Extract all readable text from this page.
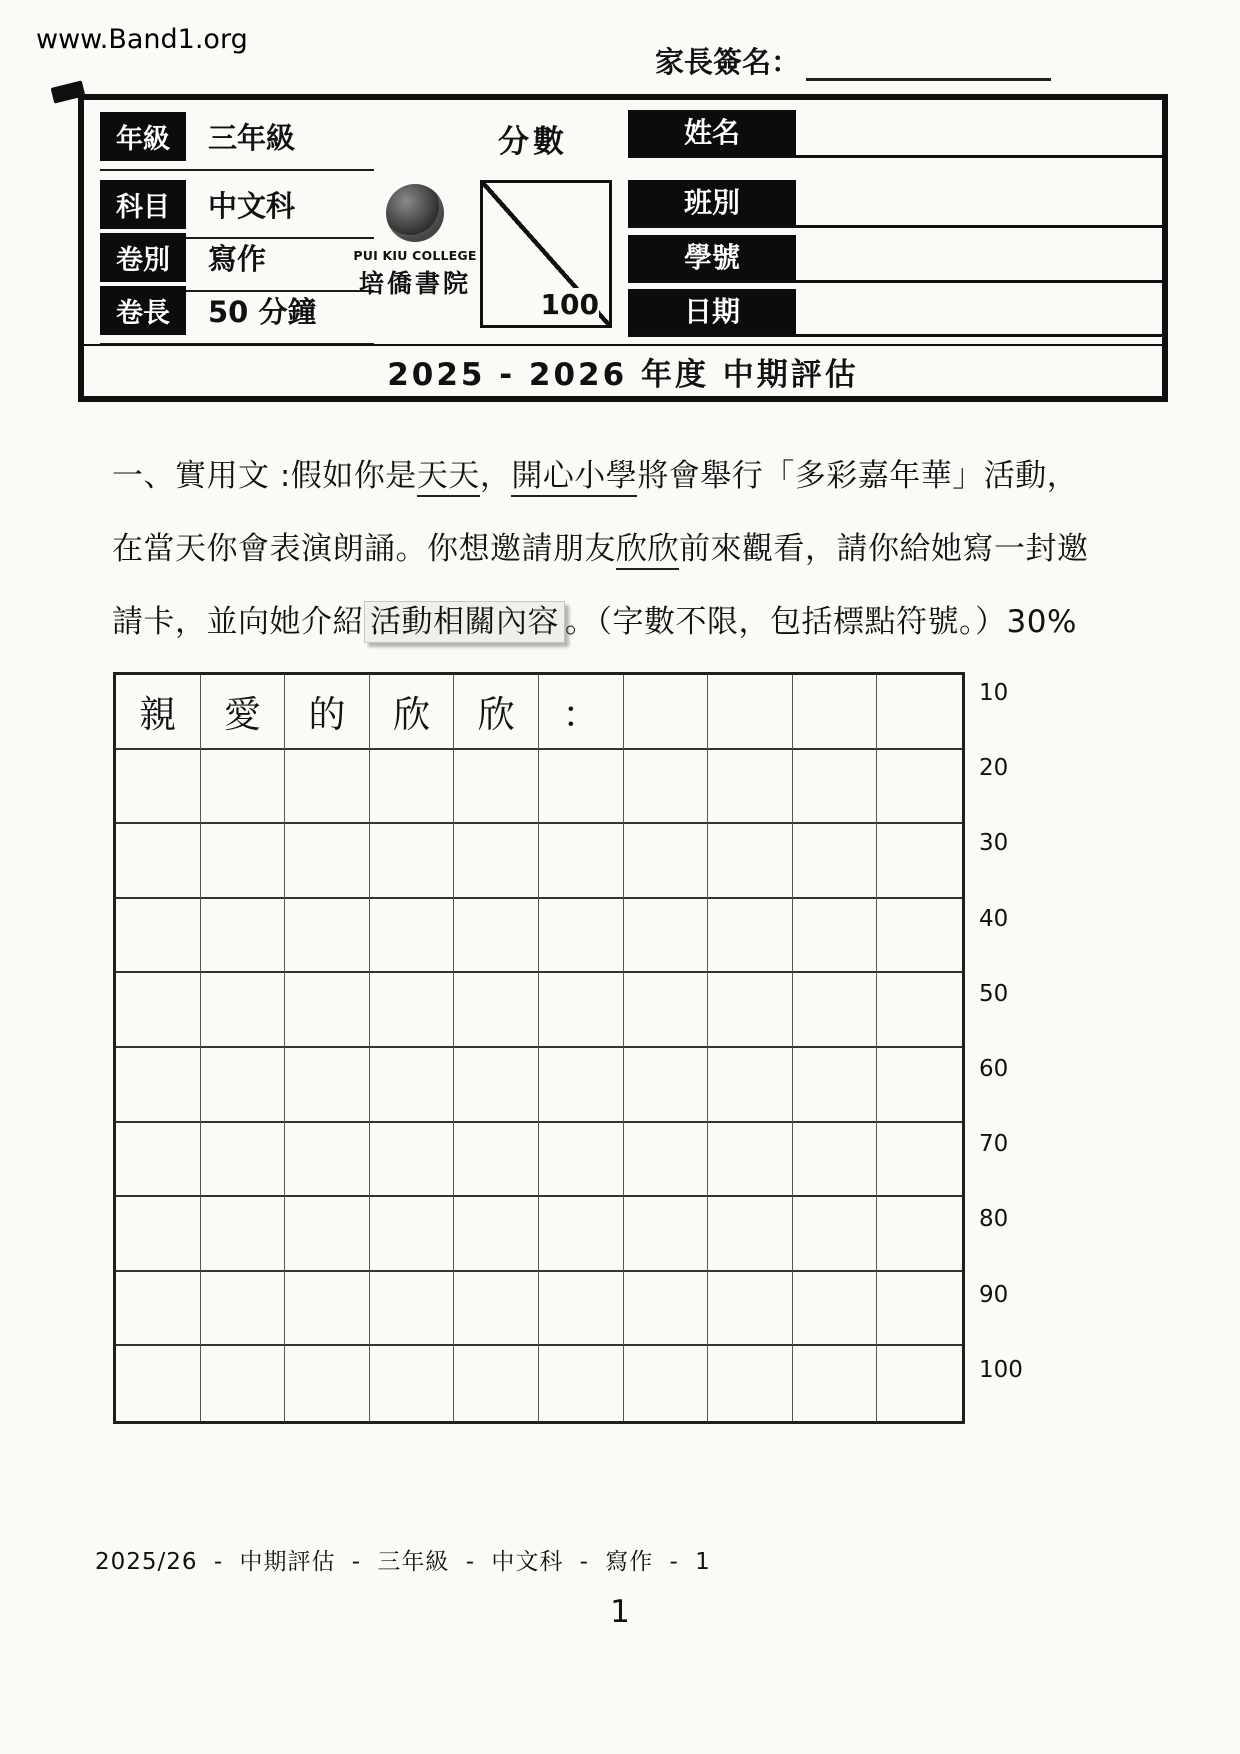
www.Band1.org
家長簽名：
年級	三年級
科目	中文科
卷別	寫作
卷長	50 分鐘
分數
100
PUI KIU COLLEGE
培僑書院
姓名
班別
學號
日期
2025 - 2026 年度 中期評估
一、實用文 :假如你是天天，開心小學將會舉行「多彩嘉年華」活動，
在當天你會表演朗誦。你想邀請朋友欣欣前來觀看，請你給她寫一封邀
請卡，並向她介紹 活動相關內容 。（字數不限，包括標點符號。）30%
親	愛	的	欣	欣	：
10
20
30
40
50
60
70
80
90
100
2025/26 - 中期評估 - 三年級 - 中文科 - 寫作 - 1
1
